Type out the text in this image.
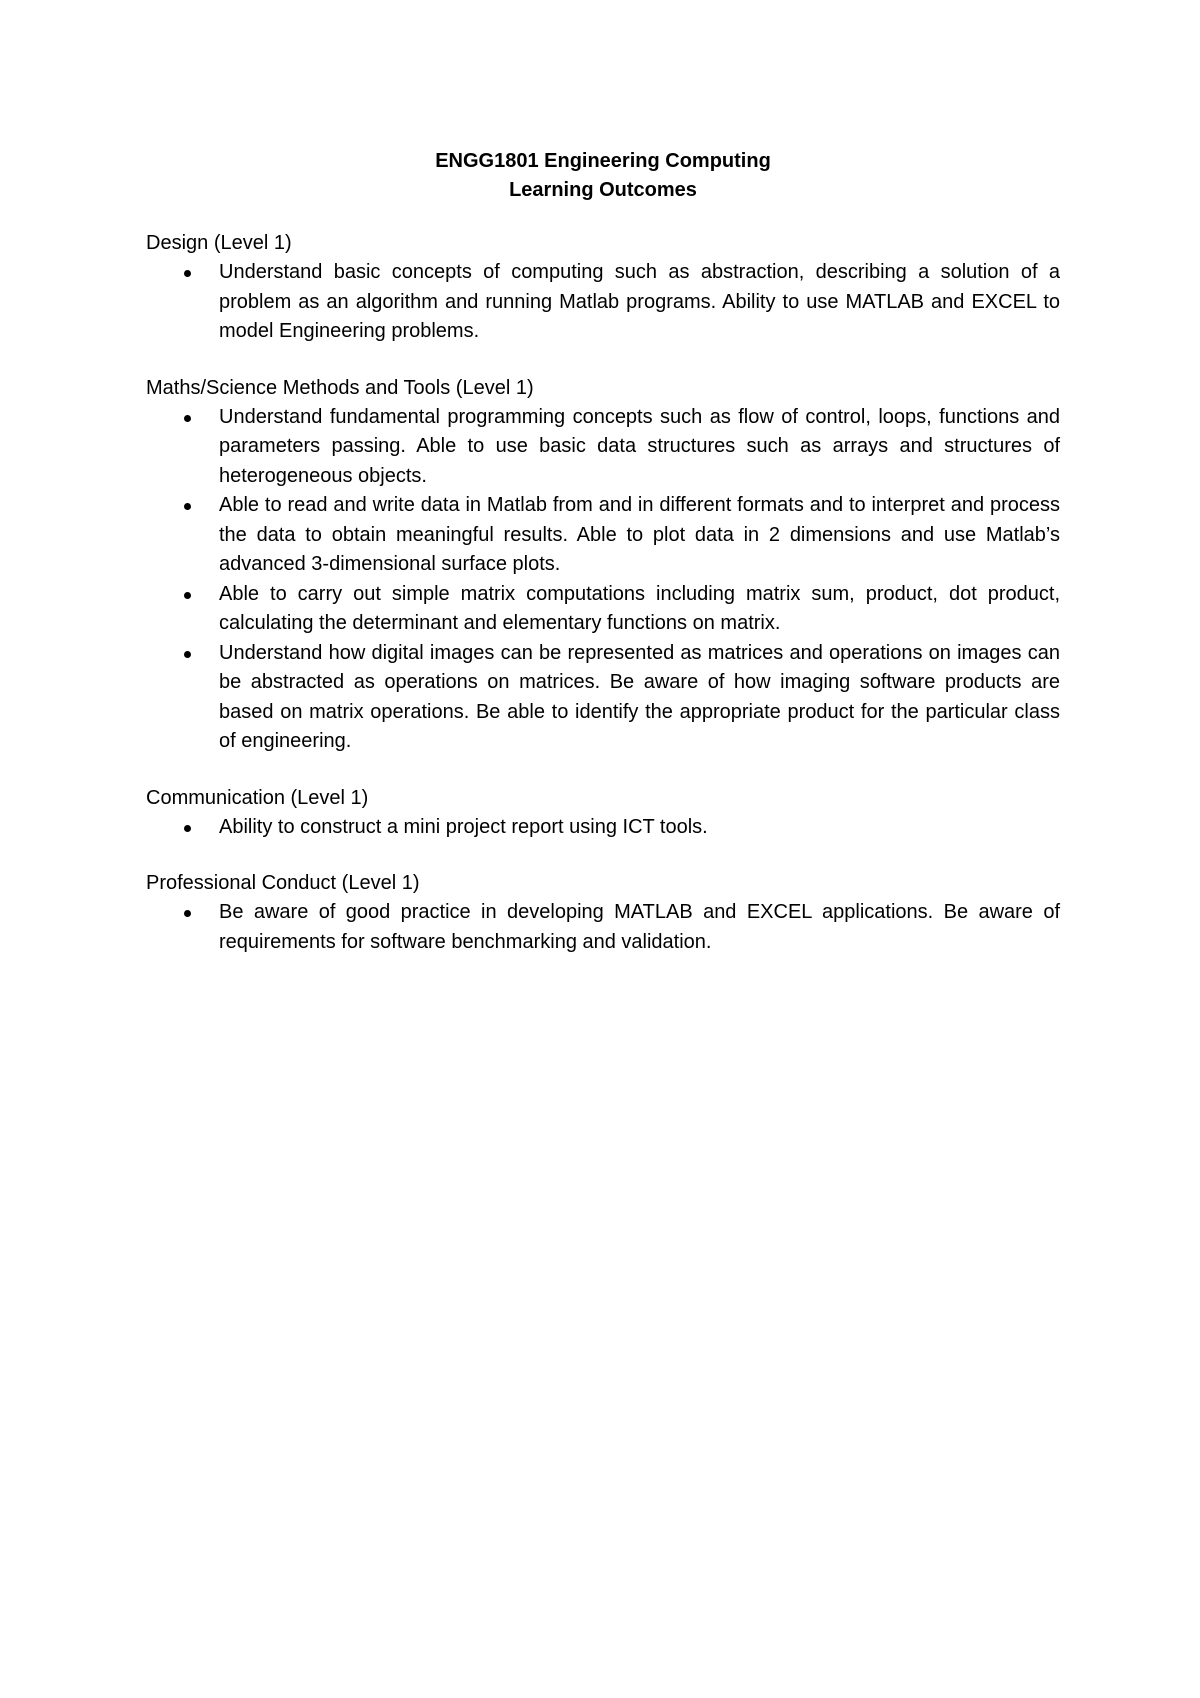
ENGG1801 Engineering Computing

Learning Outcomes

Design (Level 1)

Understand basic concepts of computing such as abstraction, describing a solution of a problem as an algorithm and running Matlab programs. Ability to use MATLAB and EXCEL to model Engineering problems.

Maths/Science Methods and Tools (Level 1)

Understand fundamental programming concepts such as flow of control, loops, functions and parameters passing. Able to use basic data structures such as arrays and structures of heterogeneous objects.
Able to read and write data in Matlab from and in different formats and to interpret and process the data to obtain meaningful results. Able to plot data in 2 dimensions and use Matlab’s advanced 3-dimensional surface plots.
Able to carry out simple matrix computations including matrix sum, product, dot product, calculating the determinant and elementary functions on matrix.
Understand how digital images can be represented as matrices and operations on images can be abstracted as operations on matrices. Be aware of how imaging software products are based on matrix operations. Be able to identify the appropriate product for the particular class of engineering.

Communication (Level 1)

Ability to construct a mini project report using ICT tools.

Professional Conduct (Level 1)

Be aware of good practice in developing MATLAB and EXCEL applications. Be aware of requirements for software benchmarking and validation.
